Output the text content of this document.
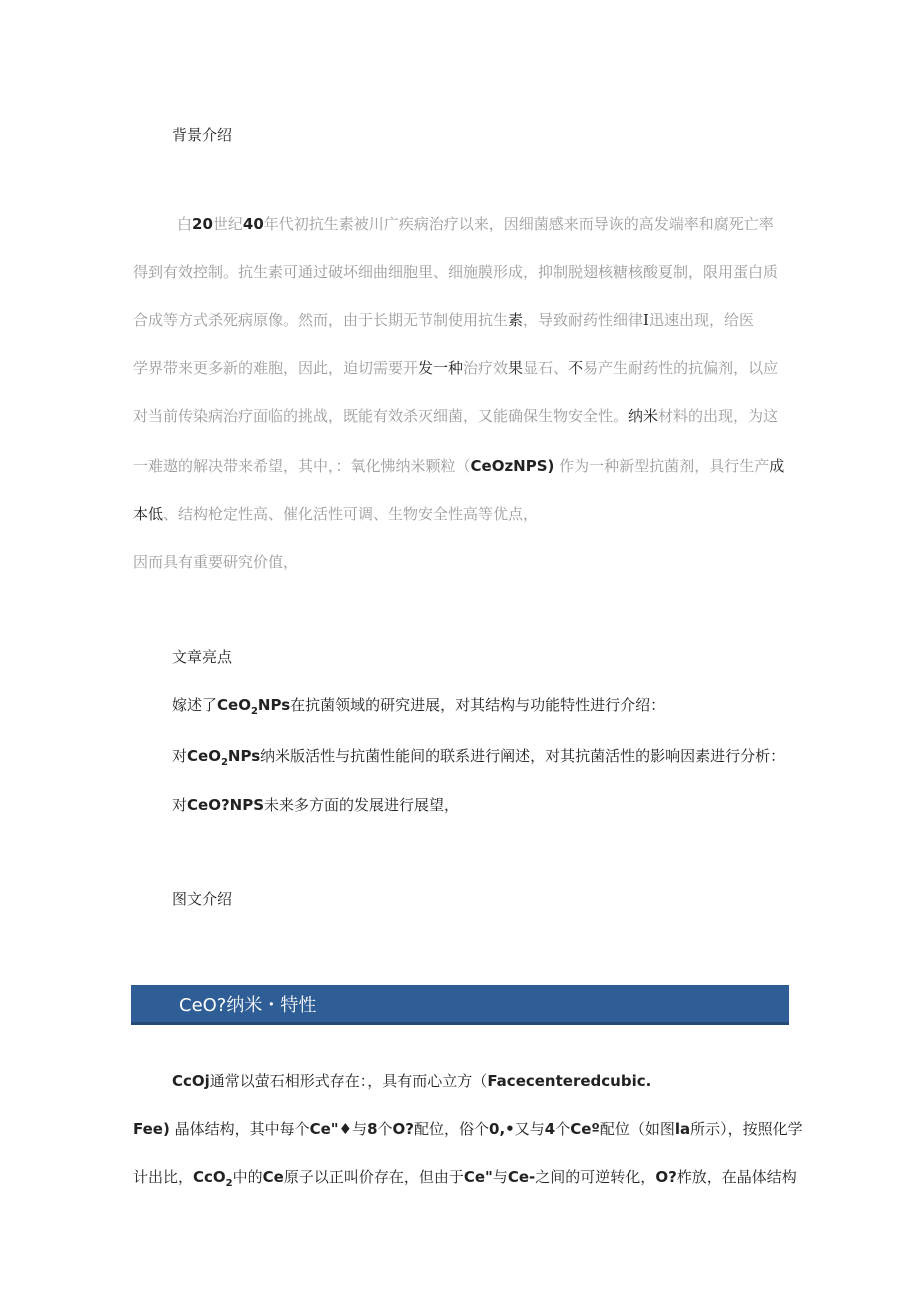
背景介绍
白20世纪40年代初抗生素被川广疾病治疗以来，因细菌感来而导诙的高发端率和腐死亡率
得到有效控制。抗生素可通过破坏细曲细胞里、细施膜形成，抑制脱翅核糖核酸夏制，限用蛋白质
合成等方式杀死病原像。然而，由于长期无节制使用抗生素，导致耐药性细律I迅速出现，给医
学界带来更多新的难胞，因此，迫切需要开发一种治疗效果显石、不易产生耐药性的抗偏剂，以应
对当前传染病治疗面临的挑战，既能有效杀灭细菌，又能确保生物安全性。纳米材料的出现，为这
一难遨的解决带来希望，其中，：氧化怫纳米颗粒（CeOzNPS) 作为一种新型抗菌剂，具行生产成
本低、结构枪定性高、催化活性可调、生物安全性高等优点，
因而具有重要研究价值，
文章亮点
嫁述了CeO$_2$NPs在抗菌领域的研究进展，对其结构与功能特性进行介绍：
对CeO$_2$NPs纳米版活性与抗菌性能间的联系进行阐述，对其抗菌活性的影响因素进行分析：
对CeO?NPS未来多方面的发展进行展望，
图文介绍
CeO?纳米・特性
CcOj通常以萤石相形式存在：，具有而心立方（Facecenteredcubic.
Fee) 晶体结构，其中每个Ce"♦与8个O?配位，俗个0,•又与4个Ceº配位（如图la所示），按照化学
计出比，CcO$_2$中的Ce原子以正叫价存在，但由于Ce"与Ce-之间的可逆转化，O?柞放，在晶体结构
